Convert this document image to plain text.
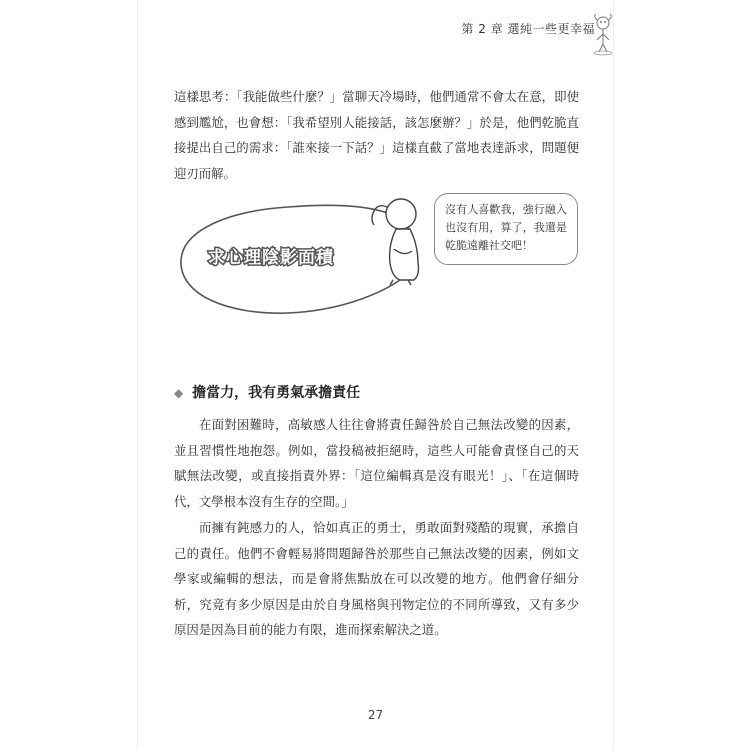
第 2 章 選純一些更幸福
這樣思考：「我能做些什麼？」當聊天冷場時，他們通常不會太在意，即使感到尷尬，也會想：「我希望別人能接話，該怎麼辦？」於是，他們乾脆直接提出自己的需求：「誰來接一下話？」這樣直截了當地表達訴求，問題便迎刃而解。
求心理陰影面積
沒有人喜歡我，強行融入也沒有用，算了，我還是乾脆遠離社交吧！
◆ 擔當力，我有勇氣承擔責任
在面對困難時，高敏感人往往會將責任歸咎於自己無法改變的因素，並且習慣性地抱怨。例如，當投稿被拒絕時，這些人可能會責怪自己的天賦無法改變，或直接指責外界：「這位編輯真是沒有眼光！」、「在這個時代，文學根本沒有生存的空間。」
而擁有鈍感力的人，恰如真正的勇士，勇敢面對殘酷的現實，承擔自己的責任。他們不會輕易將問題歸咎於那些自己無法改變的因素，例如文學家或編輯的想法，而是會將焦點放在可以改變的地方。他們會仔細分析，究竟有多少原因是由於自身風格與刊物定位的不同所導致，又有多少原因是因為目前的能力有限，進而探索解決之道。
27
